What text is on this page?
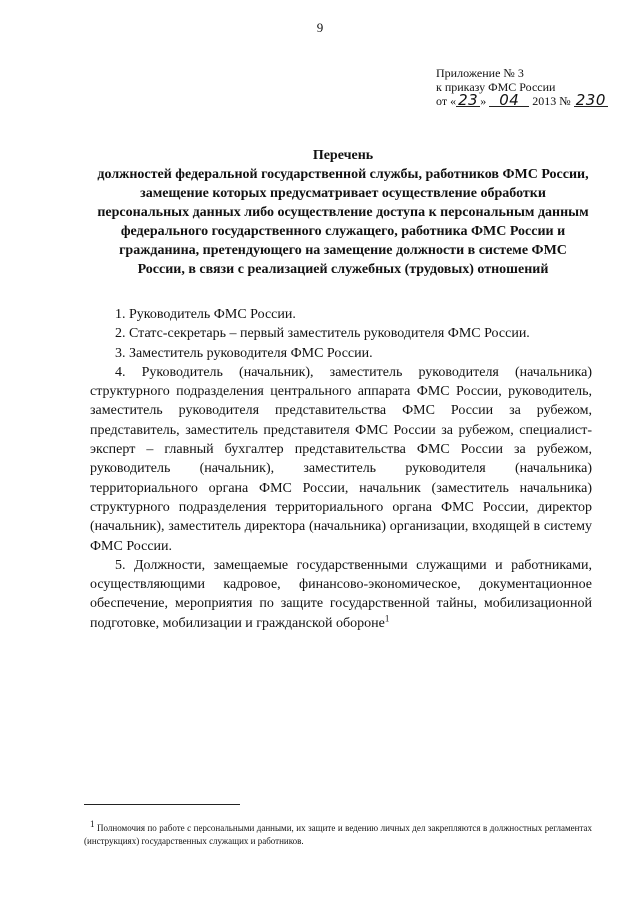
9
Приложение № 3
к приказу ФМС России
от « 23 » 04 2013 № 230
Перечень
должностей федеральной государственной службы, работников ФМС России, замещение которых предусматривает осуществление обработки персональных данных либо осуществление доступа к персональным данным федерального государственного служащего, работника ФМС России и гражданина, претендующего на замещение должности в системе ФМС России, в связи с реализацией служебных (трудовых) отношений

1. Руководитель ФМС России.

2. Статс-секретарь – первый заместитель руководителя ФМС России.

3. Заместитель руководителя ФМС России.

4. Руководитель (начальник), заместитель руководителя (начальника) структурного подразделения центрального аппарата ФМС России, руководитель, заместитель руководителя представительства ФМС России за рубежом, представитель, заместитель представителя ФМС России за рубежом, специалист-эксперт – главный бухгалтер представительства ФМС России за рубежом, руководитель (начальник), заместитель руководителя (начальника) территориального органа ФМС России, начальник (заместитель начальника) структурного подразделения территориального органа ФМС России, директор (начальник), заместитель директора (начальника) организации, входящей в систему ФМС России.

5. Должности, замещаемые государственными служащими и работниками, осуществляющими кадровое, финансово-экономическое, документационное обеспечение, мероприятия по защите государственной тайны, мобилизационной подготовке, мобилизации и гражданской обороне$^1$

$^1$ Полномочия по работе с персональными данными, их защите и ведению личных дел закрепляются в должностных регламентах (инструкциях) государственных служащих и работников.
